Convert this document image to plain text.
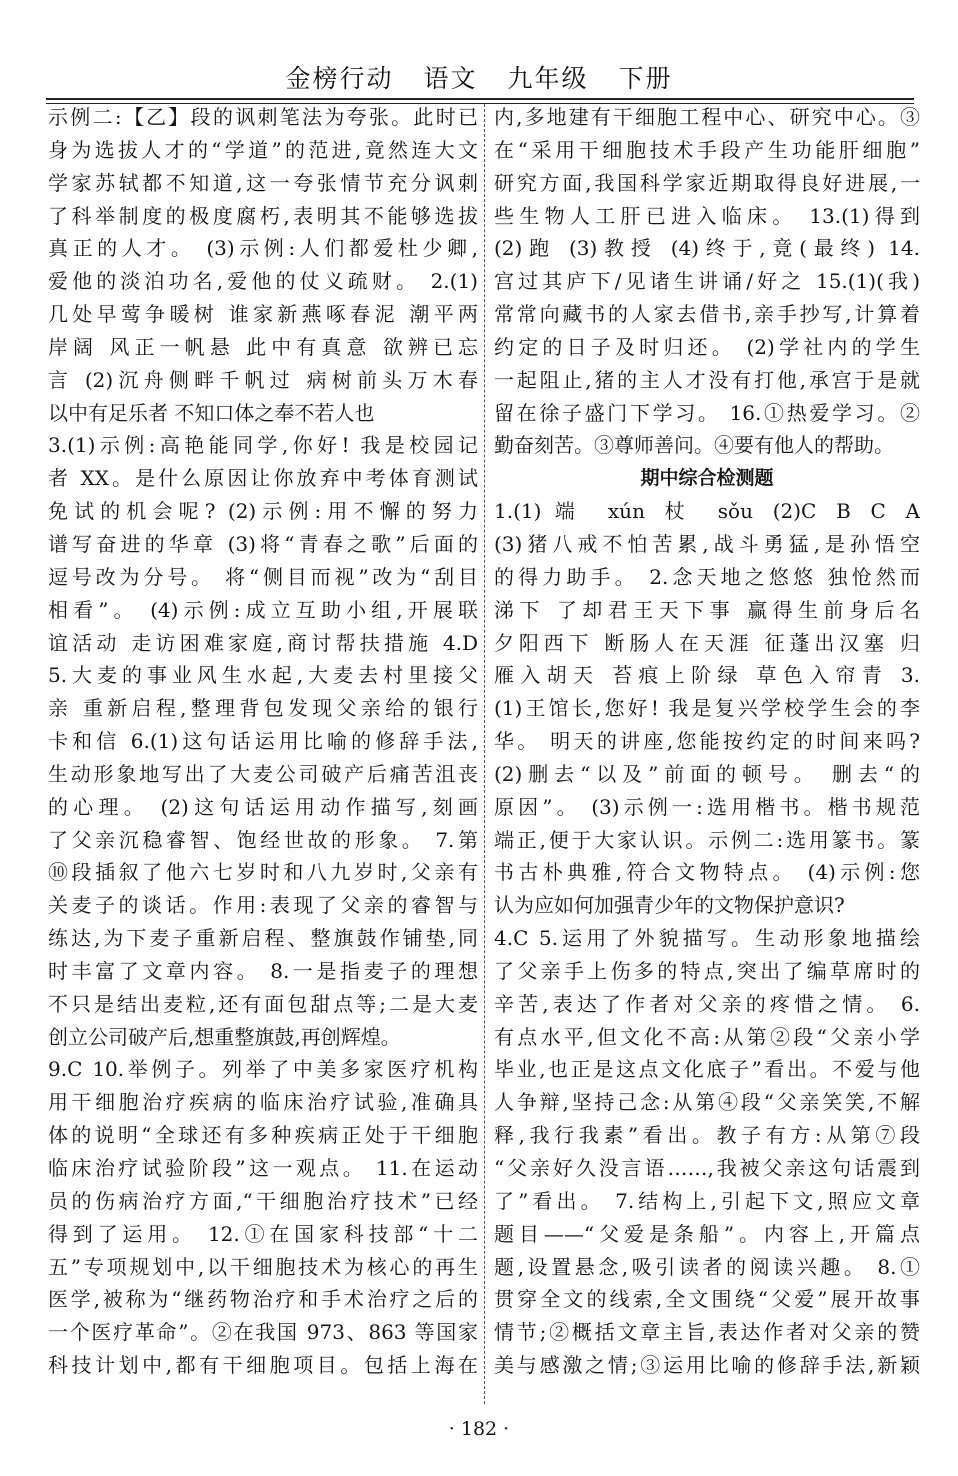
金榜行动 语文 九年级 下册
示例二:【乙】段的讽刺笔法为夸张。此时已
身为选拔人才的“学道”的范进,竟然连大文
学家苏轼都不知道,这一夸张情节充分讽刺
了科举制度的极度腐朽,表明其不能够选拔
真正的人才。 (3)示例:人们都爱杜少卿,
爱他的淡泊功名,爱他的仗义疏财。 2.(1)
几处早莺争暖树 谁家新燕啄春泥 潮平两
岸阔 风正一帆悬 此中有真意 欲辨已忘
言 (2)沉舟侧畔千帆过 病树前头万木春
以中有足乐者 不知口体之奉不若人也
3.(1)示例:高艳能同学,你好! 我是校园记
者 XX。是什么原因让你放弃中考体育测试
免试的机会呢? (2)示例:用不懈的努力
谱写奋进的华章 (3)将“青春之歌”后面的
逗号改为分号。 将“侧目而视”改为“刮目
相看”。 (4)示例:成立互助小组,开展联
谊活动 走访困难家庭,商讨帮扶措施 4.D
5.大麦的事业风生水起,大麦去村里接父
亲 重新启程,整理背包发现父亲给的银行
卡和信 6.(1)这句话运用比喻的修辞手法,
生动形象地写出了大麦公司破产后痛苦沮丧
的心理。 (2)这句话运用动作描写,刻画
了父亲沉稳睿智、饱经世故的形象。 7.第
⑩段插叙了他六七岁时和八九岁时,父亲有
关麦子的谈话。作用:表现了父亲的睿智与
练达,为下麦子重新启程、整旗鼓作铺垫,同
时丰富了文章内容。 8.一是指麦子的理想
不只是结出麦粒,还有面包甜点等;二是大麦
创立公司破产后,想重整旗鼓,再创辉煌。
9.C 10.举例子。列举了中美多家医疗机构
用干细胞治疗疾病的临床治疗试验,准确具
体的说明“全球还有多种疾病正处于干细胞
临床治疗试验阶段”这一观点。 11.在运动
员的伤病治疗方面,“干细胞治疗技术”已经
得到了运用。 12.①在国家科技部“十二
五”专项规划中,以干细胞技术为核心的再生
医学,被称为“继药物治疗和手术治疗之后的
一个医疗革命”。②在我国 973、863 等国家
科技计划中,都有干细胞项目。包括上海在
内,多地建有干细胞工程中心、研究中心。③
在“采用干细胞技术手段产生功能肝细胞”
研究方面,我国科学家近期取得良好进展,一
些生物人工肝已进入临床。 13.(1)得到
(2)跑 (3)教授 (4)终于,竟(最终) 14.
宫过其庐下/见诸生讲诵/好之 15.(1)(我)
常常向藏书的人家去借书,亲手抄写,计算着
约定的日子及时归还。 (2)学社内的学生
一起阻止,猪的主人才没有打他,承宫于是就
留在徐子盛门下学习。 16.①热爱学习。②
勤奋刻苦。③尊师善问。④要有他人的帮助。
期中综合检测题
1.(1)端 xún 杖 sǒu (2)C B C A
(3)猪八戒不怕苦累,战斗勇猛,是孙悟空
的得力助手。 2.念天地之悠悠 独怆然而
涕下 了却君王天下事 赢得生前身后名
夕阳西下 断肠人在天涯 征蓬出汉塞 归
雁入胡天 苔痕上阶绿 草色入帘青 3.
(1)王馆长,您好! 我是复兴学校学生会的李
华。 明天的讲座,您能按约定的时间来吗?
(2)删去“以及”前面的顿号。 删去“的
原因”。 (3)示例一:选用楷书。楷书规范
端正,便于大家认识。示例二:选用篆书。篆
书古朴典雅,符合文物特点。 (4)示例:您
认为应如何加强青少年的文物保护意识?
4.C 5.运用了外貌描写。生动形象地描绘
了父亲手上伤多的特点,突出了编草席时的
辛苦,表达了作者对父亲的疼惜之情。 6.
有点水平,但文化不高:从第②段“父亲小学
毕业,也正是这点文化底子”看出。不爱与他
人争辩,坚持己念:从第④段“父亲笑笑,不解
释,我行我素”看出。教子有方:从第⑦段
“父亲好久没言语……,我被父亲这句话震到
了”看出。 7.结构上,引起下文,照应文章
题目——“父爱是条船”。内容上,开篇点
题,设置悬念,吸引读者的阅读兴趣。 8.①
贯穿全文的线索,全文围绕“父爱”展开故事
情节;②概括文章主旨,表达作者对父亲的赞
美与感激之情;③运用比喻的修辞手法,新颖
· 182 ·
